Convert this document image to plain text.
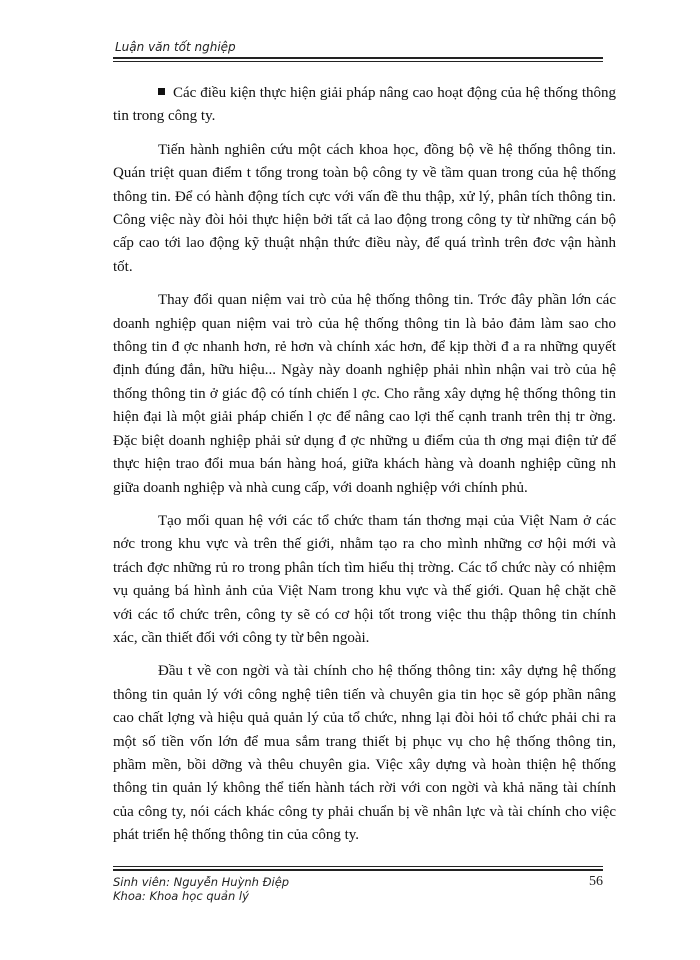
Luận văn tốt nghiệp

Các điều kiện thực hiện giải pháp nâng cao hoạt động của hệ thống thông tin trong công ty.

Tiến hành nghiên cứu một cách khoa học, đồng bộ về hệ thống thông tin. Quán triệt quan điểm t tổng trong toàn bộ công ty về tầm quan trong của hệ thống thông tin. Để có hành động tích cực với vấn đề thu thập, xử lý, phân tích thông tin. Công việc này đòi hỏi thực hiện bởi tất cả lao động trong công ty từ những cán bộ cấp cao tới lao động kỹ thuật nhận thức điều này, để quá trình trên đơc vận hành tốt.

Thay đổi quan niệm vai trò của hệ thống thông tin. Trớc đây phần lớn các doanh nghiệp quan niệm vai trò của hệ thống thông tin là bảo đảm làm sao cho thông tin đ ợc nhanh hơn, rẻ hơn và chính xác hơn, để kịp thời đ a ra những quyết định đúng đắn, hữu hiệu... Ngày này doanh nghiệp phải nhìn nhận vai trò của hệ thống thông tin ở giác độ có tính chiến l ợc. Cho rằng xây dựng hệ thống thông tin hiện đại là một giải pháp chiến l ợc để nâng cao lợi thế cạnh tranh trên thị tr ờng. Đặc biệt doanh nghiệp phải sử dụng đ ợc những u điểm của th ơng mại điện tử để thực hiện trao đổi mua bán hàng hoá, giữa khách hàng và doanh nghiệp cũng nh giữa doanh nghiệp và nhà cung cấp, với doanh nghiệp với chính phủ.

Tạo mối quan hệ với các tổ chức tham tán thơng mại của Việt Nam ở các nớc trong khu vực và trên thế giới, nhằm tạo ra cho mình những cơ hội mới và trách đợc những rủ ro trong phân tích tìm hiểu thị trờng. Các tổ chức này có nhiệm vụ quảng bá hình ảnh của Việt Nam trong khu vực và thế giới. Quan hệ chặt chẽ với các tổ chức trên, công ty sẽ có cơ hội tốt trong việc thu thập thông tin chính xác, cần thiết đối với công ty từ bên ngoài.

Đầu t về con ngời và tài chính cho hệ thống thông tin: xây dựng hệ thống thông tin quản lý với công nghệ tiên tiến và chuyên gia tin học sẽ góp phần nâng cao chất lợng và hiệu quả quản lý của tổ chức, nhng lại đòi hỏi tổ chức phải chi ra một số tiền vốn lớn để mua sắm trang thiết bị phục vụ cho hệ thống thông tin, phầm mền, bồi dỡng và thêu chuyên gia. Việc xây dựng và hoàn thiện hệ thống thông tin quản lý không thể tiến hành tách rời với con ngời và khả năng tài chính của công ty, nói cách khác công ty phải chuẩn bị về nhân lực và tài chính cho việc phát triển hệ thống thông tin của công ty.

Sinh viên: Nguyễn Huỳnh Điệp
Khoa: Khoa học quản lý
56
